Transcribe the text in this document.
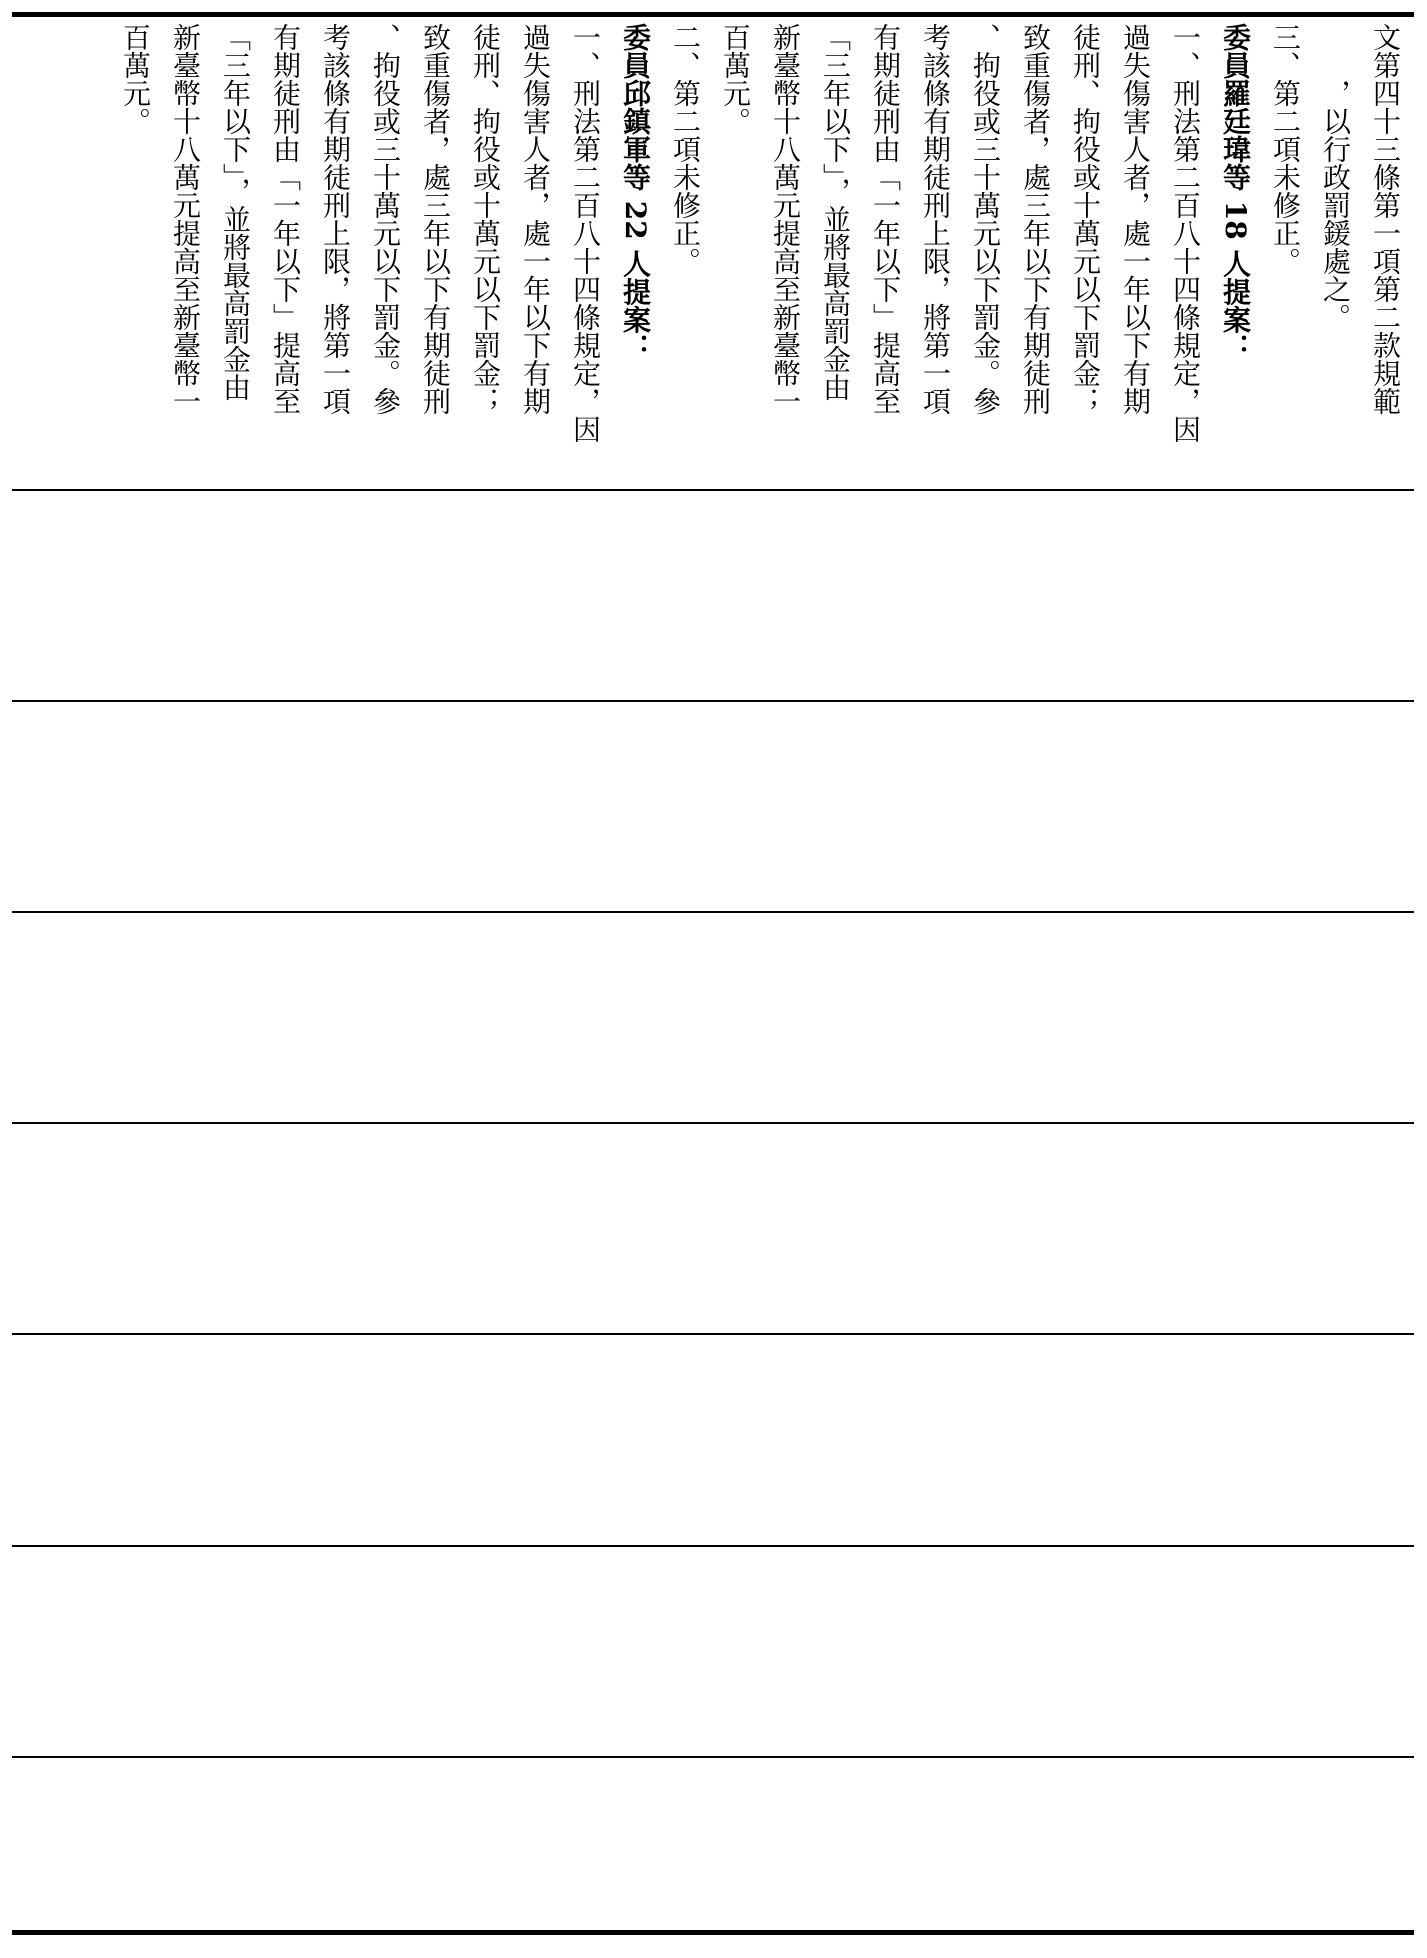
文第四十三條第一項第二款規範
，以行政罰鍰處之。
三、第二項未修正。
委員羅廷瑋等 18 人提案：
一、刑法第二百八十四條規定，因
過失傷害人者，處一年以下有期
徒刑、拘役或十萬元以下罰金；
致重傷者，處三年以下有期徒刑
、拘役或三十萬元以下罰金。參
考該條有期徒刑上限，將第一項
有期徒刑由「一年以下」提高至
「三年以下」，並將最高罰金由
新臺幣十八萬元提高至新臺幣一
百萬元。
二、第二項未修正。
委員邱鎮軍等 22 人提案：
一、刑法第二百八十四條規定，因
過失傷害人者，處一年以下有期
徒刑、拘役或十萬元以下罰金；
致重傷者，處三年以下有期徒刑
、拘役或三十萬元以下罰金。參
考該條有期徒刑上限，將第一項
有期徒刑由「一年以下」提高至
「三年以下」，並將最高罰金由
新臺幣十八萬元提高至新臺幣一
百萬元。
